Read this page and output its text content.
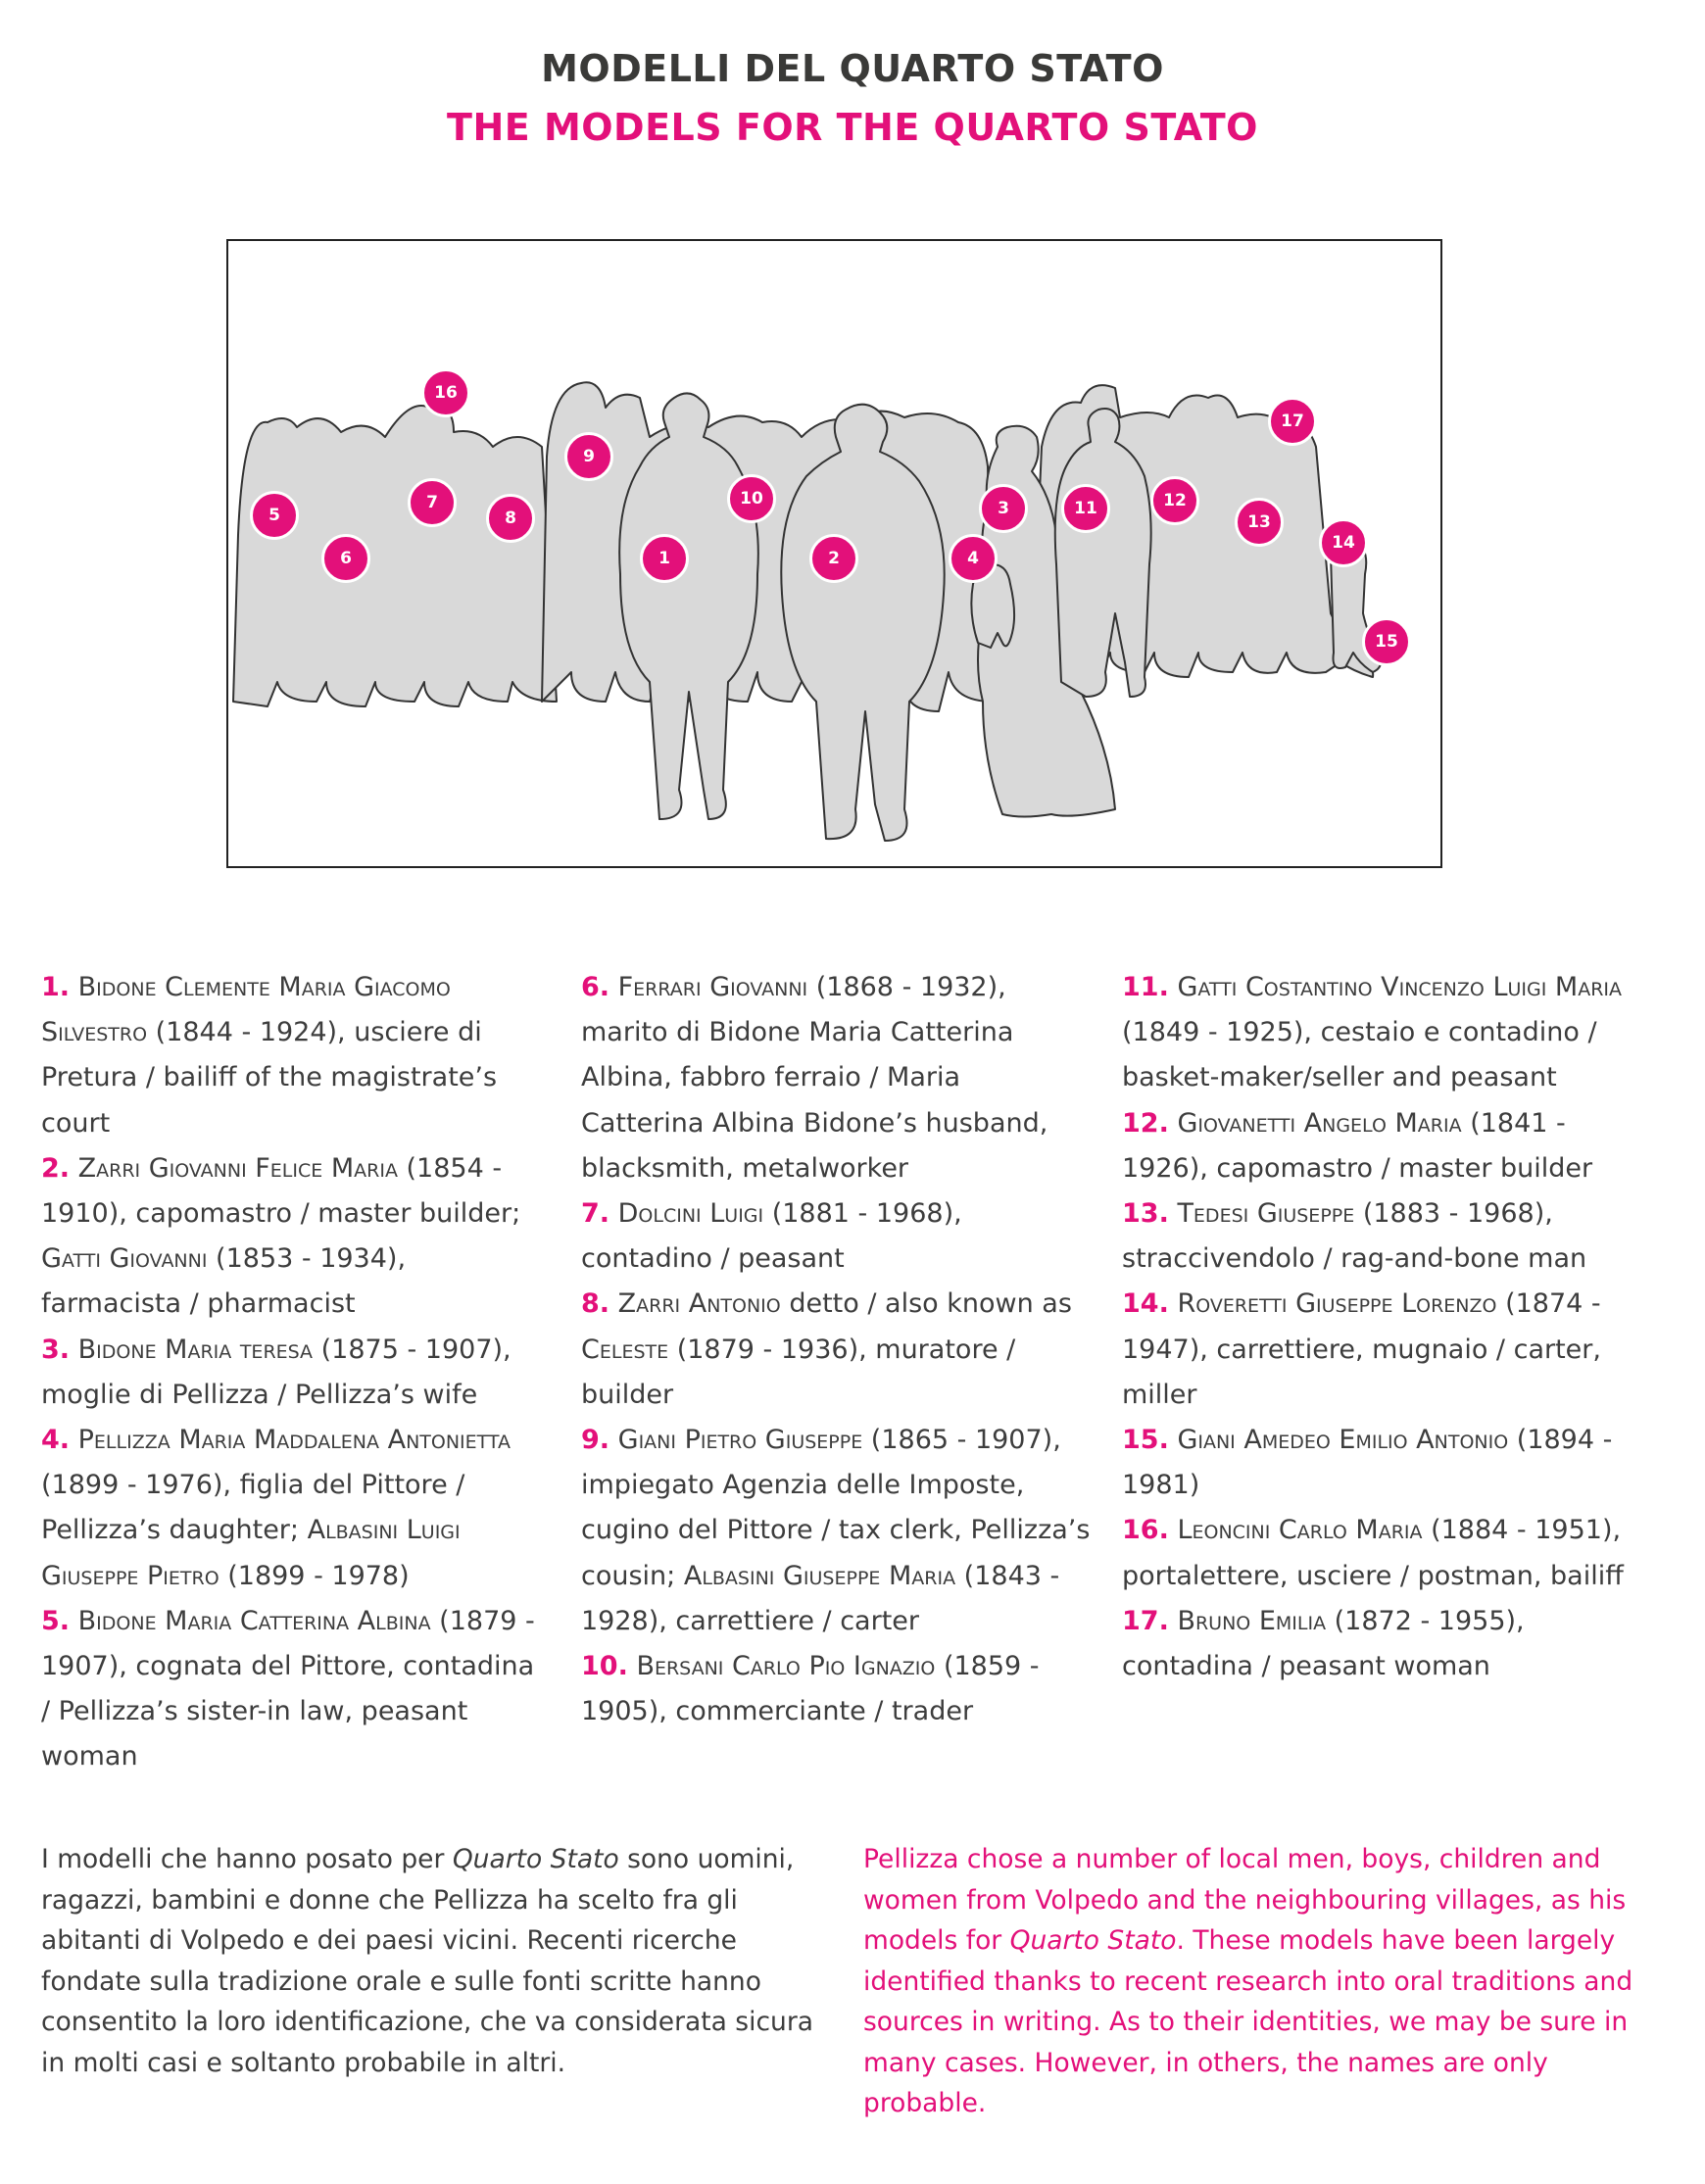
MODELLI DEL QUARTO STATO
THE MODELS FOR THE QUARTO STATO
1	2
3
4
5
6
7
8
9
10	11	12
13
14
15
16
17

1. Bidone Clemente Maria Giacomo Silvestro (1844 - 1924), usciere di Pretura / bailiff of the magistrate’s court

2. Zarri Giovanni Felice Maria (1854 - 1910), capomastro / master builder; Gatti Giovanni (1853 - 1934), farmacista / pharmacist

3. Bidone Maria teresa (1875 - 1907), moglie di Pellizza / Pellizza’s wife

4. Pellizza Maria Maddalena Antonietta (1899 - 1976), figlia del Pittore / Pellizza’s daughter; Albasini Luigi Giuseppe Pietro (1899 - 1978)

5. Bidone Maria Catterina Albina (1879 - 1907), cognata del Pittore, contadina / Pellizza’s sister-in law, peasant woman

6. Ferrari Giovanni (1868 - 1932), marito di Bidone Maria Catterina Albina, fabbro ferraio / Maria Catterina Albina Bidone’s husband, blacksmith, metalworker

7. Dolcini Luigi (1881 - 1968), contadino / peasant

8. Zarri Antonio detto / also known as Celeste (1879 - 1936), muratore / builder

9. Giani Pietro Giuseppe (1865 - 1907), impiegato Agenzia delle Imposte, cugino del Pittore / tax clerk, Pellizza’s cousin; Albasini Giuseppe Maria (1843 - 1928), carrettiere / carter

10. Bersani Carlo Pio Ignazio (1859 - 1905), commerciante / trader

11. Gatti Costantino Vincenzo Luigi Maria (1849 - 1925), cestaio e contadino / basket-maker/seller and peasant

12. Giovanetti Angelo Maria (1841 - 1926), capomastro / master builder

13. Tedesi Giuseppe (1883 - 1968), straccivendolo / rag-and-bone man

14. Roveretti Giuseppe Lorenzo (1874 - 1947), carrettiere, mugnaio / carter, miller

15. Giani Amedeo Emilio Antonio (1894 - 1981)

16. Leoncini Carlo Maria (1884 - 1951), portalettere, usciere / postman, bailiff

17. Bruno Emilia (1872 - 1955), contadina / peasant woman

I modelli che hanno posato per Quarto Stato sono uomini, ragazzi, bambini e donne che Pellizza ha scelto fra gli abitanti di Volpedo e dei paesi vicini. Recenti ricerche fondate sulla tradizione orale e sulle fonti scritte hanno consentito la loro identificazione, che va considerata sicura in molti casi e soltanto probabile in altri.

Pellizza chose a number of local men, boys, children and women from Volpedo and the neighbouring villages, as his models for Quarto Stato. These models have been largely identified thanks to recent research into oral traditions and sources in writing. As to their identities, we may be sure in many cases. However, in others, the names are only probable.
